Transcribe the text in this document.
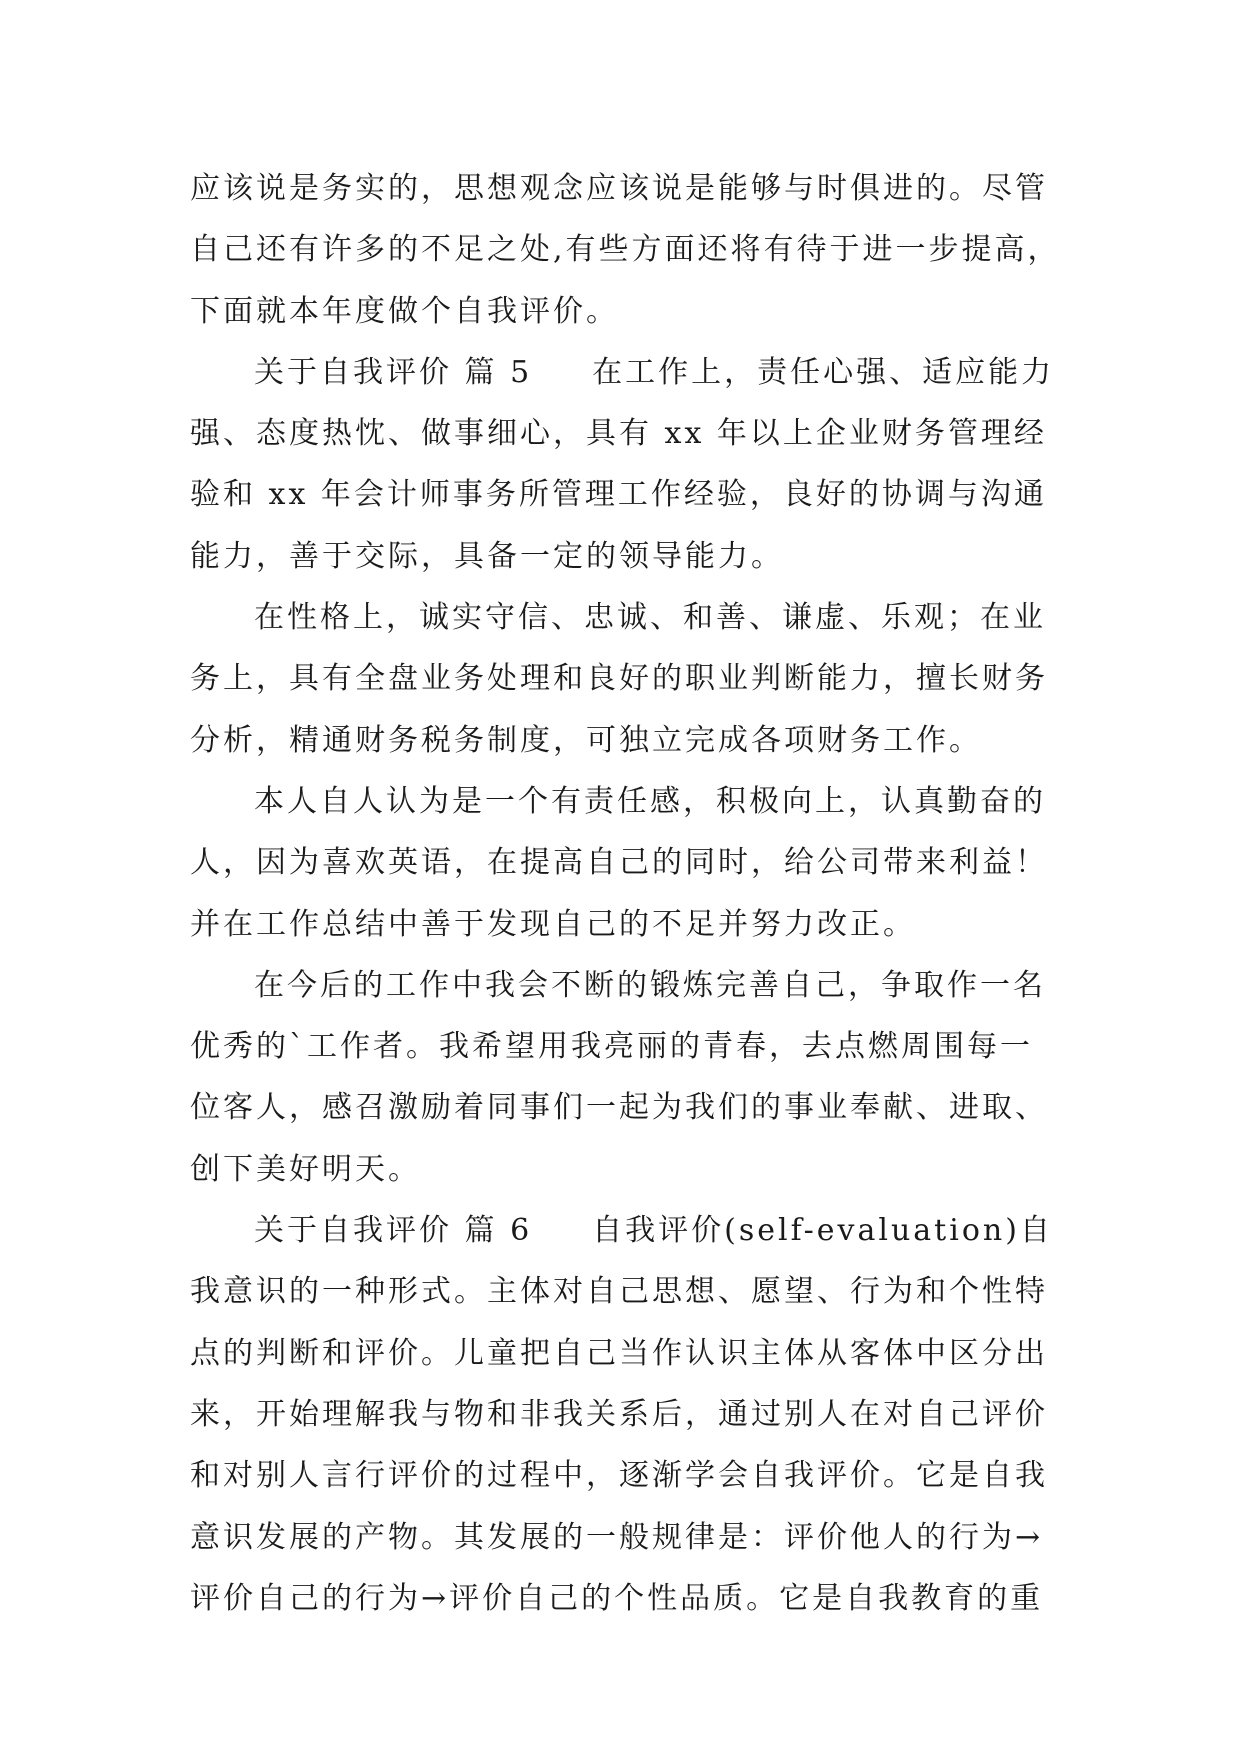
应该说是务实的，思想观念应该说是能够与时俱进的。尽管
自己还有许多的不足之处,有些方面还将有待于进一步提高，
下面就本年度做个自我评价。
关于自我评价 篇 5 在工作上，责任心强、适应能力
强、态度热忱、做事细心，具有 xx 年以上企业财务管理经
验和 xx 年会计师事务所管理工作经验，良好的协调与沟通
能力，善于交际，具备一定的领导能力。
在性格上，诚实守信、忠诚、和善、谦虚、乐观；在业
务上，具有全盘业务处理和良好的职业判断能力，擅长财务
分析，精通财务税务制度，可独立完成各项财务工作。
本人自人认为是一个有责任感，积极向上，认真勤奋的
人，因为喜欢英语，在提高自己的同时，给公司带来利益！
并在工作总结中善于发现自己的不足并努力改正。
在今后的工作中我会不断的锻炼完善自己，争取作一名
优秀的`工作者。我希望用我亮丽的青春，去点燃周围每一
位客人，感召激励着同事们一起为我们的事业奉献、进取、
创下美好明天。
关于自我评价 篇 6 自我评价(self-evaluation)自
我意识的一种形式。主体对自己思想、愿望、行为和个性特
点的判断和评价。儿童把自己当作认识主体从客体中区分出
来，开始理解我与物和非我关系后，通过别人在对自己评价
和对别人言行评价的过程中，逐渐学会自我评价。它是自我
意识发展的产物。其发展的一般规律是：评价他人的行为→
评价自己的行为→评价自己的个性品质。它是自我教育的重
